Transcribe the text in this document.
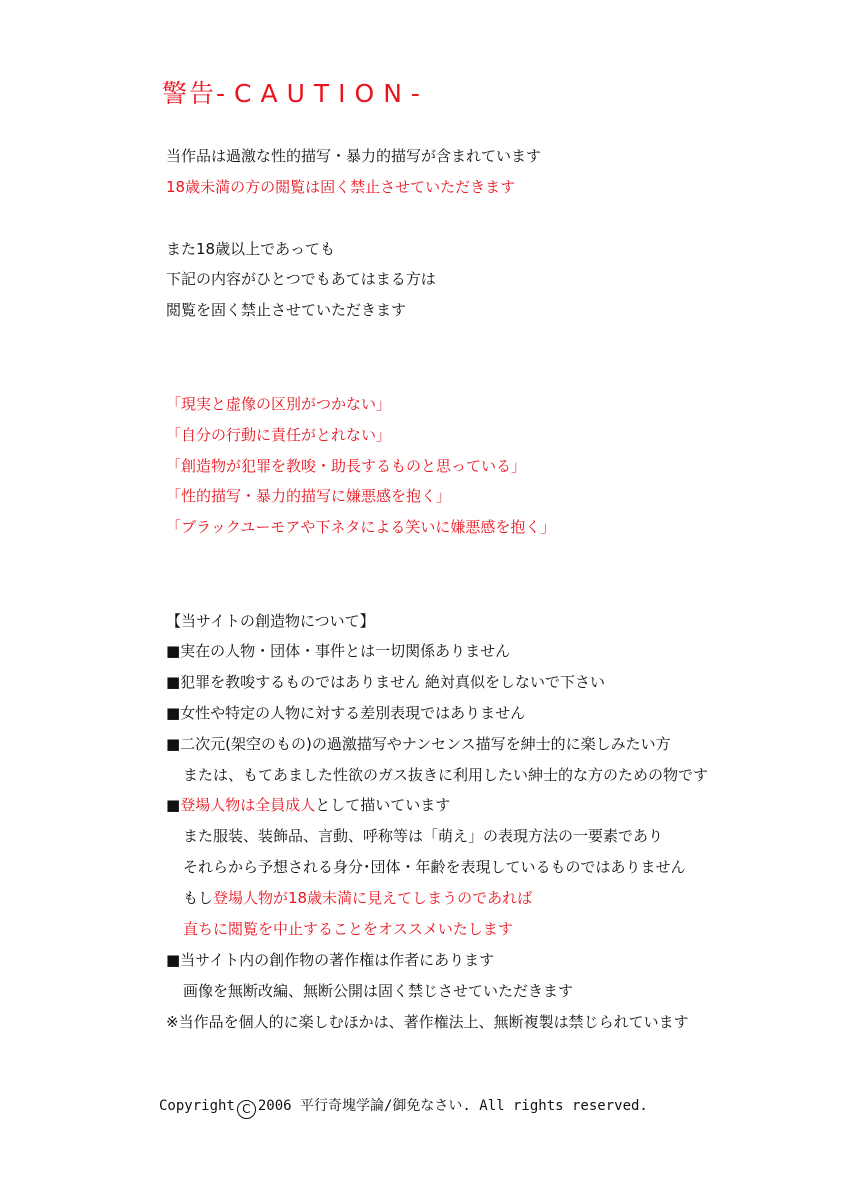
警告-CAUTION-
当作品は過激な性的描写・暴力的描写が含まれています
18歳未満の方の閲覧は固く禁止させていただきます
また18歳以上であっても
下記の内容がひとつでもあてはまる方は
閲覧を固く禁止させていただきます
「現実と虚像の区別がつかない」
「自分の行動に責任がとれない」
「創造物が犯罪を教唆・助長するものと思っている」
「性的描写・暴力的描写に嫌悪感を抱く」
「ブラックユーモアや下ネタによる笑いに嫌悪感を抱く」
【当サイトの創造物について】
■実在の人物・団体・事件とは一切関係ありません
■犯罪を教唆するものではありません 絶対真似をしないで下さい
■女性や特定の人物に対する差別表現ではありません
■二次元(架空のもの)の過激描写やナンセンス描写を紳士的に楽しみたい方
または、もてあました性欲のガス抜きに利用したい紳士的な方のための物です
■登場人物は全員成人として描いています
また服装、装飾品、言動、呼称等は「萌え」の表現方法の一要素であり
それらから予想される身分･団体・年齢を表現しているものではありません
もし登場人物が18歳未満に見えてしまうのであれば
直ちに閲覧を中止することをオススメいたします
■当サイト内の創作物の著作権は作者にあります
画像を無断改編、無断公開は固く禁じさせていただきます
※当作品を個人的に楽しむほかは、著作権法上、無断複製は禁じられています
Copyright C 2006 平行奇塊学論/御免なさい. All rights reserved.
